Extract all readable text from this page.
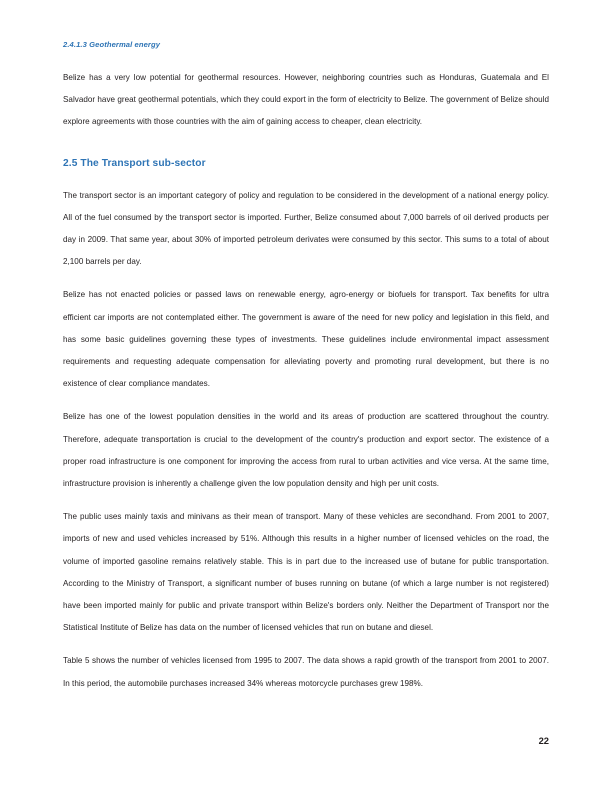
2.4.1.3 Geothermal energy

Belize has a very low potential for geothermal resources. However, neighboring countries such as Honduras, Guatemala and El Salvador have great geothermal potentials, which they could export in the form of electricity to Belize. The government of Belize should explore agreements with those countries with the aim of gaining access to cheaper, clean electricity.

2.5 The Transport sub-sector

The transport sector is an important category of policy and regulation to be considered in the development of a national energy policy. All of the fuel consumed by the transport sector is imported. Further, Belize consumed about 7,000 barrels of oil derived products per day in 2009. That same year, about 30% of imported petroleum derivates were consumed by this sector. This sums to a total of about 2,100 barrels per day.

Belize has not enacted policies or passed laws on renewable energy, agro-energy or biofuels for transport. Tax benefits for ultra efficient car imports are not contemplated either. The government is aware of the need for new policy and legislation in this field, and has some basic guidelines governing these types of investments. These guidelines include environmental impact assessment requirements and requesting adequate compensation for alleviating poverty and promoting rural development, but there is no existence of clear compliance mandates.

Belize has one of the lowest population densities in the world and its areas of production are scattered throughout the country. Therefore, adequate transportation is crucial to the development of the country's production and export sector. The existence of a proper road infrastructure is one component for improving the access from rural to urban activities and vice versa. At the same time, infrastructure provision is inherently a challenge given the low population density and high per unit costs.

The public uses mainly taxis and minivans as their mean of transport. Many of these vehicles are secondhand. From 2001 to 2007, imports of new and used vehicles increased by 51%. Although this results in a higher number of licensed vehicles on the road, the volume of imported gasoline remains relatively stable. This is in part due to the increased use of butane for public transportation. According to the Ministry of Transport, a significant number of buses running on butane (of which a large number is not registered) have been imported mainly for public and private transport within Belize's borders only. Neither the Department of Transport nor the Statistical Institute of Belize has data on the number of licensed vehicles that run on butane and diesel.

Table 5 shows the number of vehicles licensed from 1995 to 2007. The data shows a rapid growth of the transport from 2001 to 2007. In this period, the automobile purchases increased 34% whereas motorcycle purchases grew 198%.

22
